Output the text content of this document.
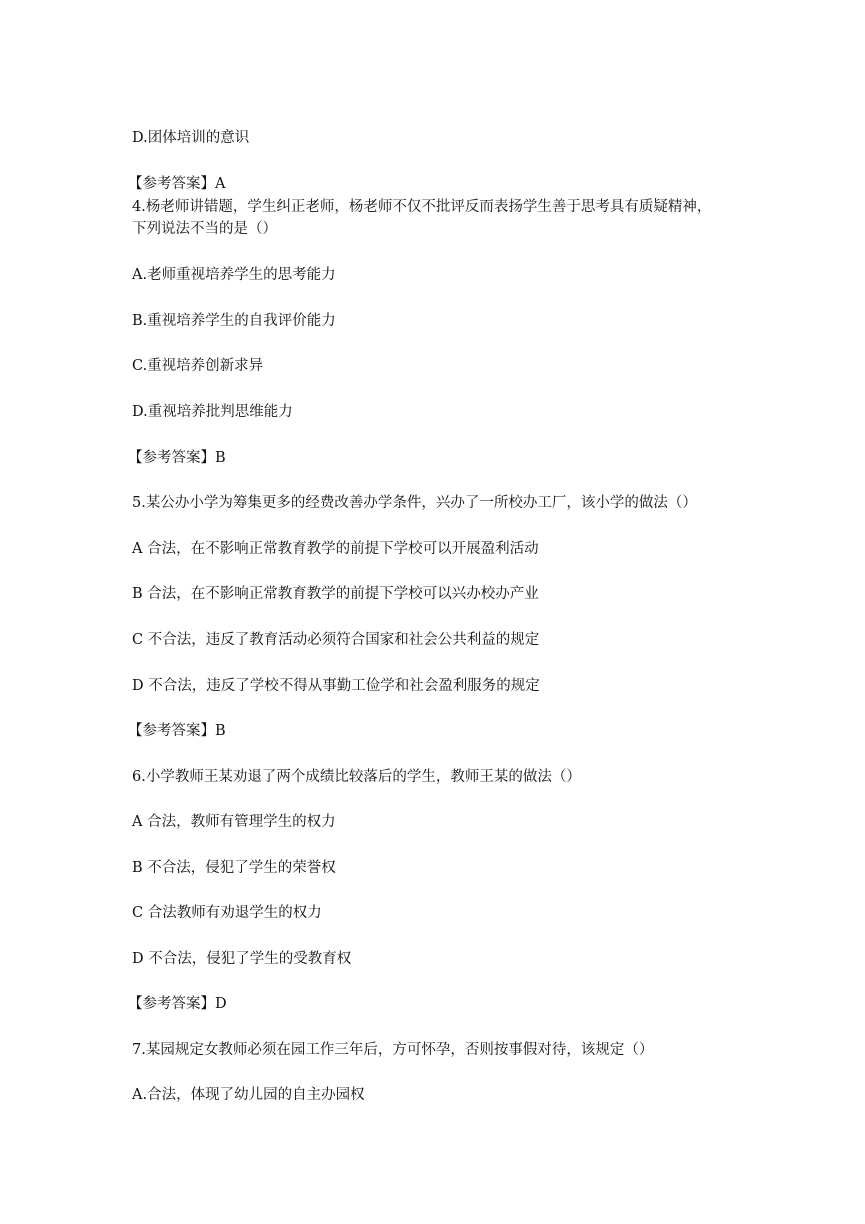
D.团体培训的意识
【参考答案】A
4.杨老师讲错题，学生纠正老师，杨老师不仅不批评反而表扬学生善于思考具有质疑精神，
下列说法不当的是（）
A.老师重视培养学生的思考能力
B.重视培养学生的自我评价能力
C.重视培养创新求异
D.重视培养批判思维能力
【参考答案】B
5.某公办小学为筹集更多的经费改善办学条件，兴办了一所校办工厂，该小学的做法（）
A 合法，在不影响正常教育教学的前提下学校可以开展盈利活动
B 合法，在不影响正常教育教学的前提下学校可以兴办校办产业
C 不合法，违反了教育活动必须符合国家和社会公共利益的规定
D 不合法，违反了学校不得从事勤工俭学和社会盈利服务的规定
【参考答案】B
6.小学教师王某劝退了两个成绩比较落后的学生，教师王某的做法（）
A 合法，教师有管理学生的权力
B 不合法，侵犯了学生的荣誉权
C 合法教师有劝退学生的权力
D 不合法，侵犯了学生的受教育权
【参考答案】D
7.某园规定女教师必须在园工作三年后，方可怀孕，否则按事假对待，该规定（）
A.合法，体现了幼儿园的自主办园权
